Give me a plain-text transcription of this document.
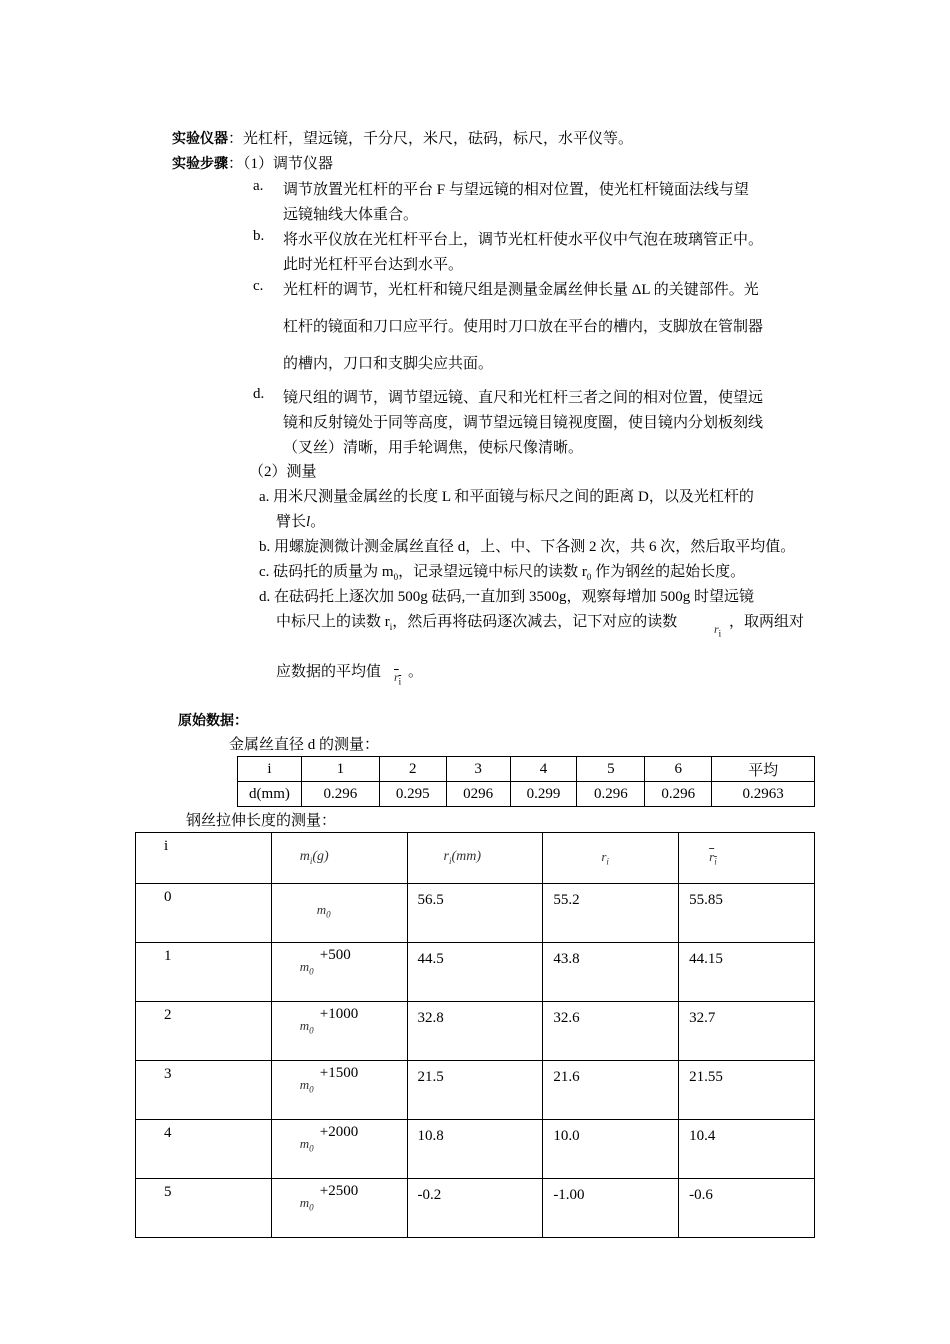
实验仪器：光杠杆，望远镜，千分尺，米尺，砝码，标尺，水平仪等。
实验步骤：（1）调节仪器
a. 调节放置光杠杆的平台 F 与望远镜的相对位置，使光杠杆镜面法线与望
远镜轴线大体重合。
b. 将水平仪放在光杠杆平台上，调节光杠杆使水平仪中气泡在玻璃管正中。
此时光杠杆平台达到水平。
c. 光杠杆的调节，光杠杆和镜尺组是测量金属丝伸长量 ΔL 的关键部件。光
杠杆的镜面和刀口应平行。使用时刀口放在平台的槽内，支脚放在管制器
的槽内，刀口和支脚尖应共面。
d. 镜尺组的调节，调节望远镜、直尺和光杠杆三者之间的相对位置，使望远
镜和反射镜处于同等高度，调节望远镜目镜视度圈，使目镜内分划板刻线
（叉丝）清晰，用手轮调焦，使标尺像清晰。
（2）测量
a. 用米尺测量金属丝的长度 L 和平面镜与标尺之间的距离 D，以及光杠杆的
臂长l。
b. 用螺旋测微计测金属丝直径 d，上、中、下各测 2 次，共 6 次，然后取平均值。
c. 砝码托的质量为 $m_0$，记录望远镜中标尺的读数 $r_0$ 作为钢丝的起始长度。
d. 在砝码托上逐次加 500g 砝码,一直加到 3500g，观察每增加 500g 时望远镜
中标尺上的读数 $r_i$，然后再将砝码逐次减去，记下对应的读数	$r_i$
，取两组对
应数据的平均值 $r_i$
。
原始数据：
金属丝直径 d 的测量：
i	1	2	3	4	5	6	平均
d(mm)	0.296	0.295	0296	0.299	0.296	0.296	0.2963
钢丝拉伸长度的测量：
i	$m_i(g)$	$r_i(mm)$	$r_i$	$r_i$

0	$m_0$	56.5	55.2	55.85

1	$m_0$
+500	44.5	43.8	44.15

2	$m_0$
+1000	32.8	32.6	32.7

3	$m_0$
+1500	21.5	21.6	21.55

4	$m_0$
+2000	10.8	10.0	10.4

5	$m_0$
+2500	-0.2	-1.00	-0.6
